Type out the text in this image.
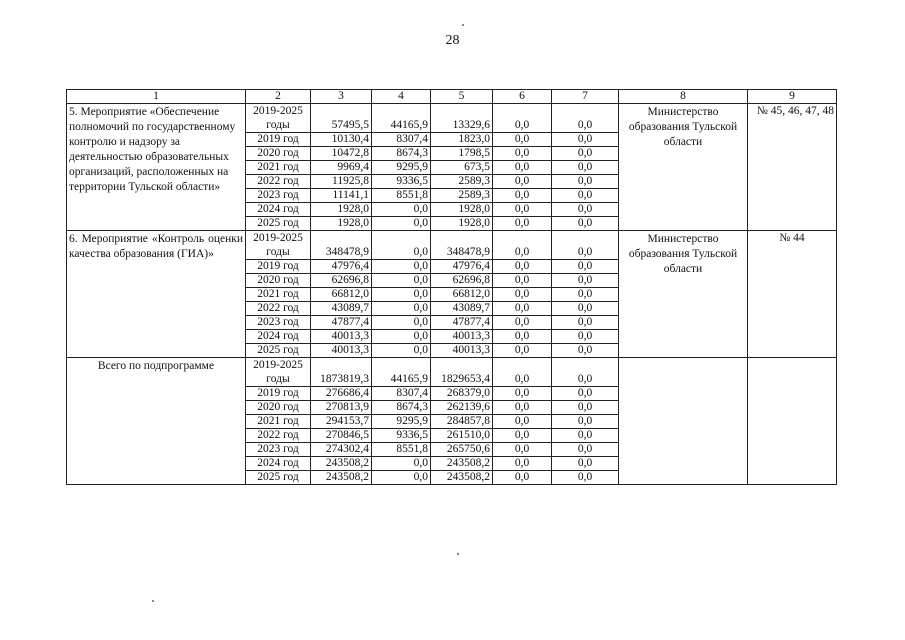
28
1	2	3	4	5	6	7	8	9
5. Мероприятие «Обеспечение полномочий по государственному контролю и надзору за деятельностью образовательных организаций, расположенных на территории Тульской области»	2019-2025 годы	57495,5	44165,9	13329,6	0,0	0,0	Министерство образования Тульской области	№ 45, 46, 47, 48
	2019 год	10130,4	8307,4	1823,0	0,0	0,0		
	2020 год	10472,8	8674,3	1798,5	0,0	0,0		
	2021 год	9969,4	9295,9	673,5	0,0	0,0		
	2022 год	11925,8	9336,5	2589,3	0,0	0,0		
	2023 год	11141,1	8551,8	2589,3	0,0	0,0		
	2024 год	1928,0	0,0	1928,0	0,0	0,0		
	2025 год	1928,0	0,0	1928,0	0,0	0,0		
6. Мероприятие «Контроль оценки качества образования (ГИА)»	2019-2025 годы	348478,9	0,0	348478,9	0,0	0,0	Министерство образования Тульской области	№ 44
	2019 год	47976,4	0,0	47976,4	0,0	0,0		
	2020 год	62696,8	0,0	62696,8	0,0	0,0		
	2021 год	66812,0	0,0	66812,0	0,0	0,0		
	2022 год	43089,7	0,0	43089,7	0,0	0,0		
	2023 год	47877,4	0,0	47877,4	0,0	0,0		
	2024 год	40013,3	0,0	40013,3	0,0	0,0		
	2025 год	40013,3	0,0	40013,3	0,0	0,0		
Всего по подпрограмме	2019-2025 годы	1873819,3	44165,9	1829653,4	0,0	0,0		
	2019 год	276686,4	8307,4	268379,0	0,0	0,0		
	2020 год	270813,9	8674,3	262139,6	0,0	0,0		
	2021 год	294153,7	9295,9	284857,8	0,0	0,0		
	2022 год	270846,5	9336,5	261510,0	0,0	0,0		
	2023 год	274302,4	8551,8	265750,6	0,0	0,0		
	2024 год	243508,2	0,0	243508,2	0,0	0,0		
	2025 год	243508,2	0,0	243508,2	0,0	0,0		
